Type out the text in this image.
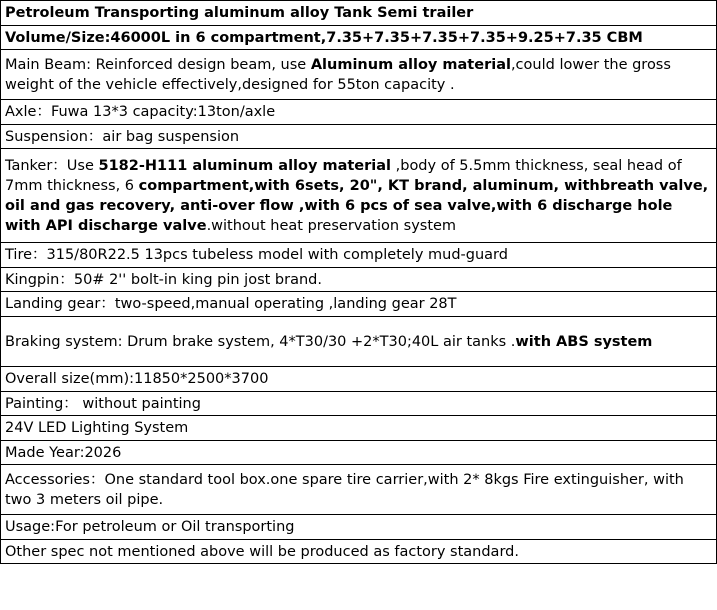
Petroleum Transporting aluminum alloy Tank Semi trailer
Volume/Size:46000L in 6 compartment,7.35+7.35+7.35+7.35+9.25+7.35 CBM
Main Beam: Reinforced design beam, use Aluminum alloy material,could lower the gross weight of the vehicle effectively,designed for 55ton capacity .
Axle：Fuwa 13*3 capacity:13ton/axle
Suspension：air bag suspension
Tanker：Use 5182-H111 aluminum alloy material ,body of 5.5mm thickness, seal head of 7mm thickness, 6 compartment,with 6sets, 20", KT brand, aluminum, withbreath valve, oil and gas recovery, anti-over flow ,with 6 pcs of sea valve,with 6 discharge hole with API discharge valve.without heat preservation system
Tire：315/80R22.5 13pcs tubeless model with completely mud-guard
Kingpin：50# 2'' bolt-in king pin jost brand.
Landing gear：two-speed,manual operating ,landing gear 28T
Braking system: Drum brake system, 4*T30/30 +2*T30;40L air tanks .with ABS system
Overall size(mm):11850*2500*3700
Painting： without painting
24V LED Lighting System
Made Year:2026
Accessories：One standard tool box.one spare tire carrier,with 2* 8kgs Fire extinguisher, with two 3 meters oil pipe.
Usage:For petroleum or Oil transporting
Other spec not mentioned above will be produced as factory standard.
